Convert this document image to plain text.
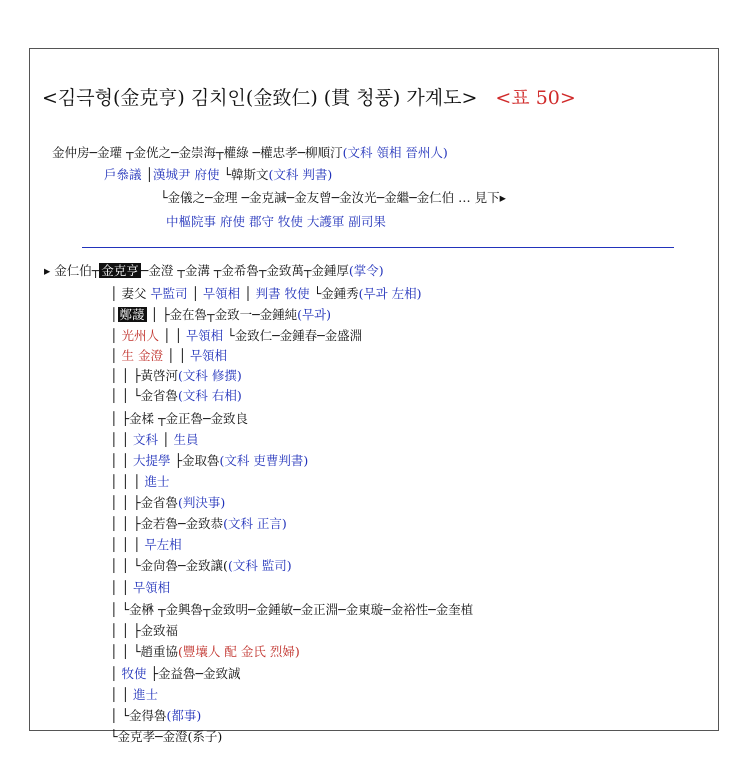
<김극형(金克亨) 김치인(金致仁) (貫 청풍) 가계도> <표 50>
金仲房─金瓘 ┬金侊之─金崇海┬權綠 ─權忠孝─柳順汀(文科 領相 晉州人)
戶叅議 │漢城尹 府使 └韓斯文(文科 判書)
└金儀之─金理 ─金克諴─金友曾─金汝光─金繼─金仁伯 … 見下▸
中樞院事 府使 郡守 牧使 大護軍 副司果
▸ 金仁伯┬ 金克亨 ─金澄 ┬金溝 ┬金希魯┬金致萬┬金鍾厚(掌令)
│ 妻父 무監司 │ 무領相 │ 判書 牧使 └金鍾秀(무과 左相)
│ 鄭蘐 │ ├金在魯┬金致一─金鍾純(무과)
│ 光州人 │ │ 무領相 └金致仁─金鍾春─金盛淵
│ 生 金澄 │ │ 무領相
│ │ ├黃啓河(文科 修撰)
│ │ └金省魯(文科 右相)
│ ├金楺 ┬金正魯─金致良
│ │ 文科 │ 生員
│ │ 大提學 ├金取魯(文科 吏曹判書)
│ │ │ 進士
│ │ ├金省魯(判決事)
│ │ ├金若魯─金致恭(文科 正言)
│ │ │ 무左相
│ │ └金尙魯─金致讓((文科 監司)
│ │ 무領相
│ └金楙 ┬金興魯┬金致明─金鍾敏─金正淵─金東璇─金裕性─金奎植
│ │ ├金致福
│ │ └趙重協(豐壤人 配 金氏 烈婦)
│ 牧使 ├金益魯─金致誠
│ │ 進士
│ └金得魯(都事)
└金克孝─金澄(系子)
